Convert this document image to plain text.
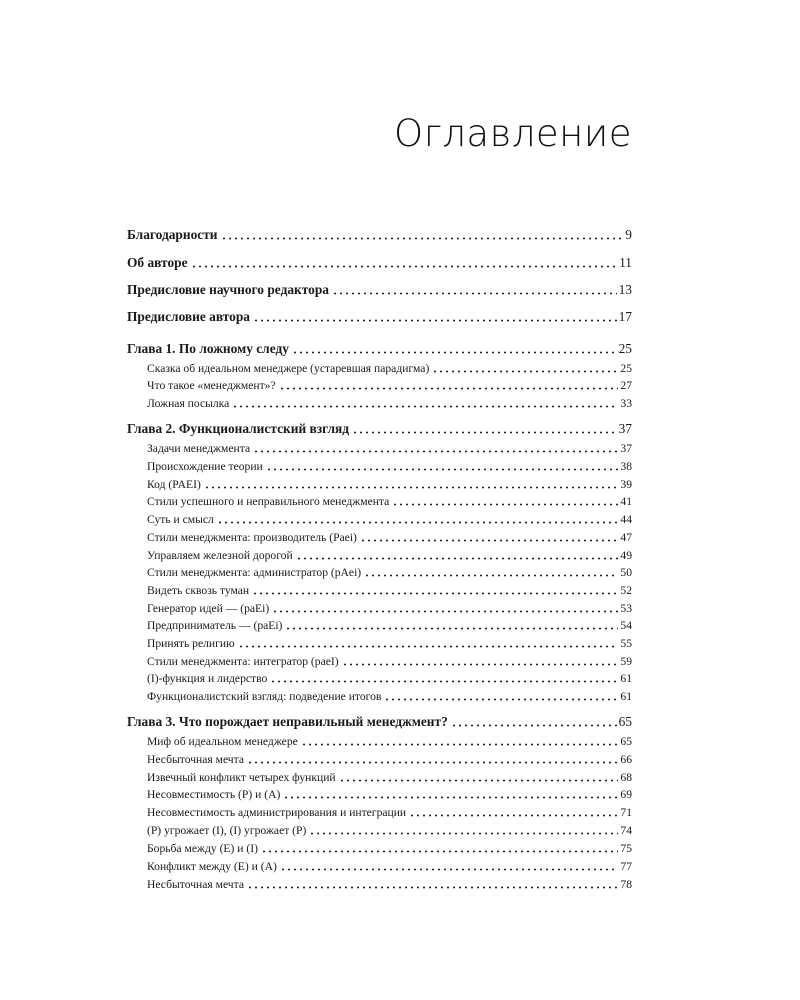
Оглавление
Благодарности	9
Об авторе	11
Предисловие научного редактора	13
Предисловие автора	17
Глава 1. По ложному следу	25
Сказка об идеальном менеджере (устаревшая парадигма)	25
Что такое «менеджмент»?	27
Ложная посылка	33
Глава 2. Функционалистский взгляд	37
Задачи менеджмента	37
Происхождение теории	38
Код (PAEI)	39
Стили успешного и неправильного менеджмента	41
Суть и смысл	44
Стили менеджмента: производитель (Paei)	47
Управляем железной дорогой	49
Стили менеджмента: администратор (pAei)	50
Видеть сквозь туман	52
Генератор идей — (paEi)	53
Предприниматель — (paEi)	54
Принять религию	55
Стили менеджмента: интегратор (paeI)	59
(I)-функция и лидерство	61
Функционалистский взгляд: подведение итогов	61
Глава 3. Что порождает неправильный менеджмент?	65
Миф об идеальном менеджере	65
Несбыточная мечта	66
Извечный конфликт четырех функций	68
Несовместимость (P) и (A)	69
Несовместимость администрирования и интеграции	71
(P) угрожает (I), (I) угрожает (P)	74
Борьба между (E) и (I)	75
Конфликт между (E) и (A)	77
Несбыточная мечта	78
